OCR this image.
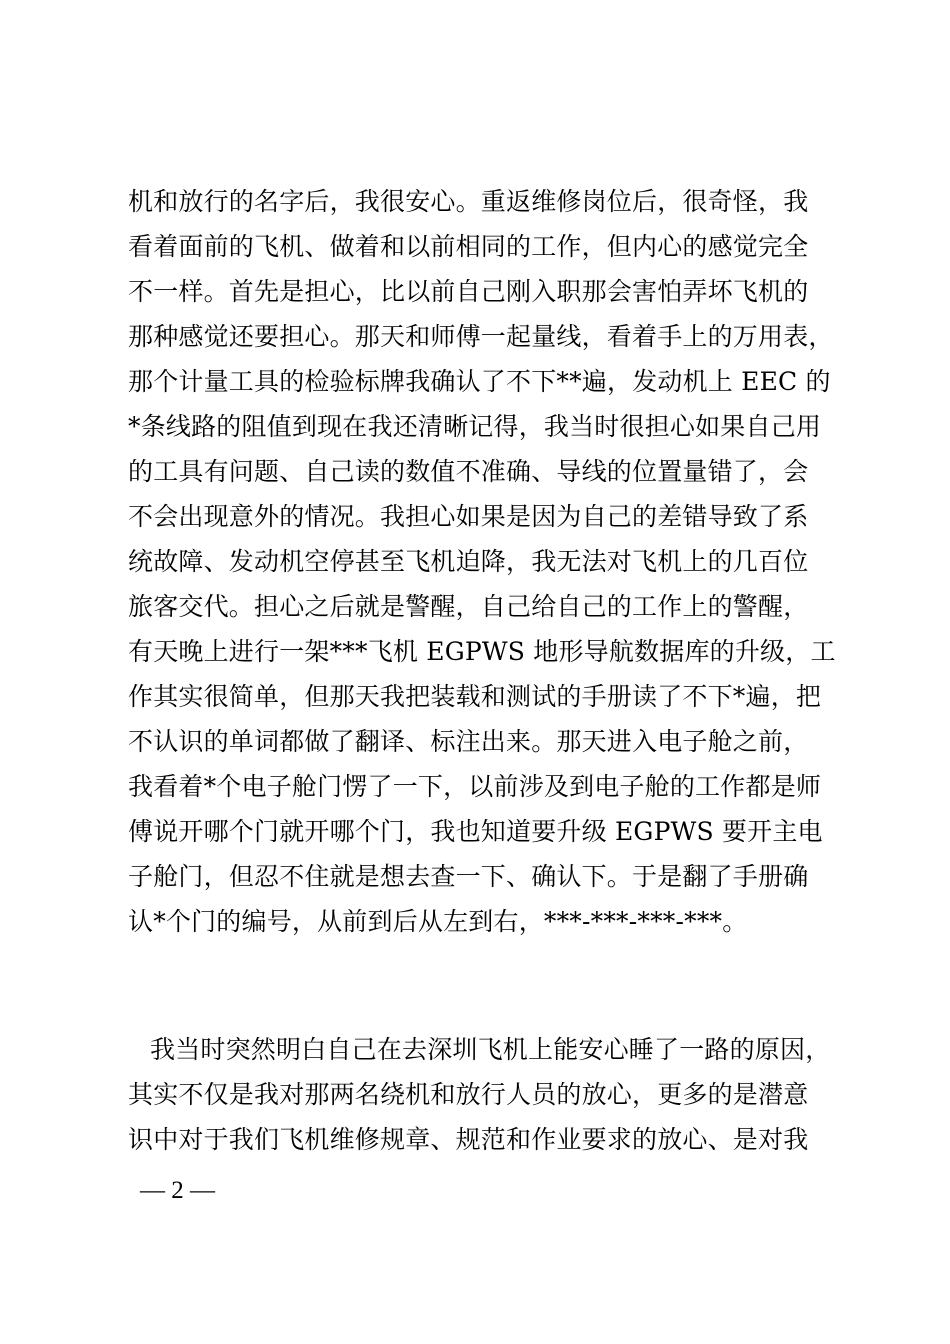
机和放行的名字后，我很安心。重返维修岗位后，很奇怪，我
看着面前的飞机、做着和以前相同的工作，但内心的感觉完全
不一样。首先是担心，比以前自己刚入职那会害怕弄坏飞机的
那种感觉还要担心。那天和师傅一起量线，看着手上的万用表，
那个计量工具的检验标牌我确认了不下**遍，发动机上 EEC 的
*条线路的阻值到现在我还清晰记得，我当时很担心如果自己用
的工具有问题、自己读的数值不准确、导线的位置量错了，会
不会出现意外的情况。我担心如果是因为自己的差错导致了系
统故障、发动机空停甚至飞机迫降，我无法对飞机上的几百位
旅客交代。担心之后就是警醒，自己给自己的工作上的警醒，
有天晚上进行一架***飞机 EGPWS 地形导航数据库的升级，工
作其实很简单，但那天我把装载和测试的手册读了不下*遍，把
不认识的单词都做了翻译、标注出来。那天进入电子舱之前，
我看着*个电子舱门愣了一下，以前涉及到电子舱的工作都是师
傅说开哪个门就开哪个门，我也知道要升级 EGPWS 要开主电
子舱门，但忍不住就是想去查一下、确认下。于是翻了手册确
认*个门的编号，从前到后从左到右，***-***-***-***。
我当时突然明白自己在去深圳飞机上能安心睡了一路的原因，
其实不仅是我对那两名绕机和放行人员的放心，更多的是潜意
识中对于我们飞机维修规章、规范和作业要求的放心、是对我
— 2 —
